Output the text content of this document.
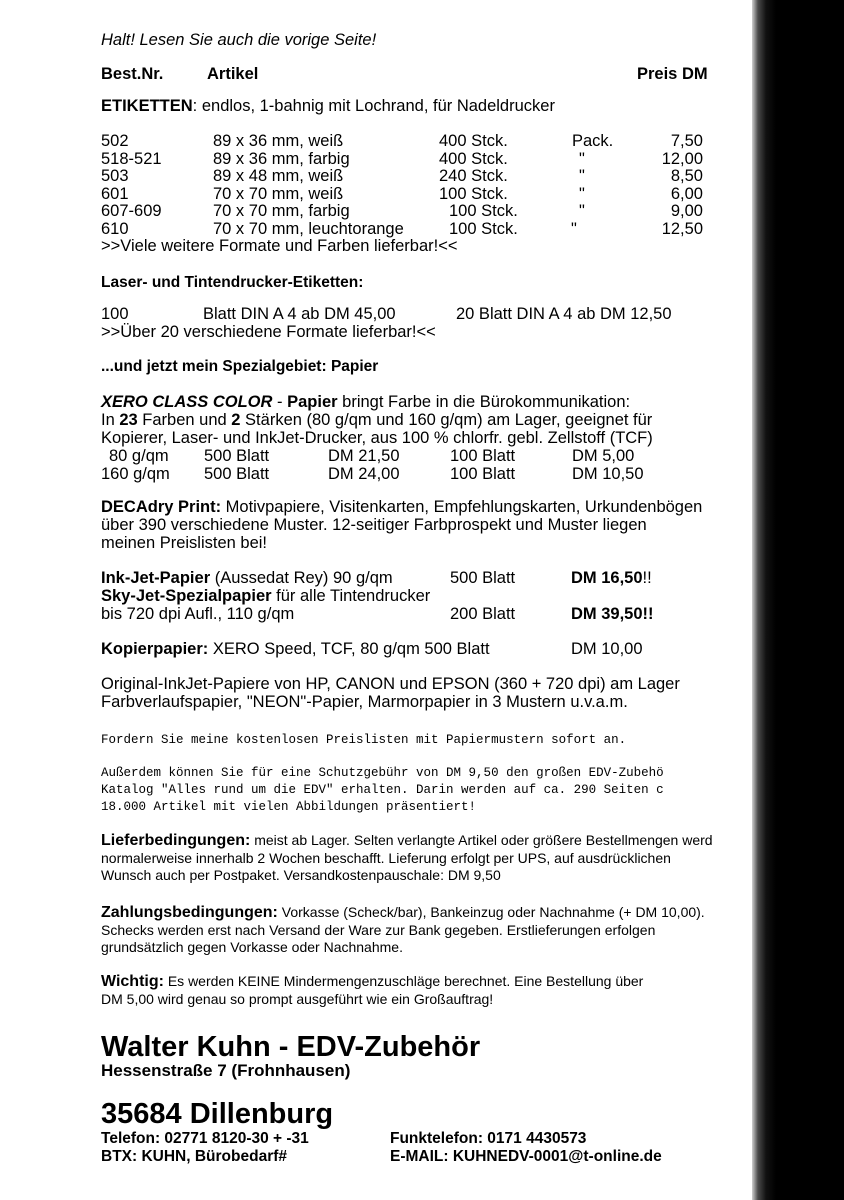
Halt! Lesen Sie auch die vorige Seite!
Best.Nr.	Artikel	Preis DM
ETIKETTEN: endlos, 1-bahnig mit Lochrand, für Nadeldrucker
502	89 x 36 mm, weiß	400 Stck.	Pack.	7,50
518-521	89 x 36 mm, farbig	400 Stck.	"	12,00
503	89 x 48 mm, weiß	240 Stck.	"	8,50
601	70 x 70 mm, weiß	100 Stck.	"	6,00
607-609	70 x 70 mm, farbig	100 Stck.	"	9,00
610	70 x 70 mm, leuchtorange	100 Stck.	"	12,50
>>Viele weitere Formate und Farben lieferbar!<<
Laser- und Tintendrucker-Etiketten:
100	Blatt DIN A 4 ab DM 45,00	20 Blatt DIN A 4 ab DM 12,50
>>Über 20 verschiedene Formate lieferbar!<<
...und jetzt mein Spezialgebiet: Papier
XERO CLASS COLOR - Papier bringt Farbe in die Bürokommunikation:
In 23 Farben und 2 Stärken (80 g/qm und 160 g/qm) am Lager, geeignet für
Kopierer, Laser- und InkJet-Drucker, aus 100 % chlorfr. gebl. Zellstoff (TCF)
80 g/qm 500 Blatt	DM 21,50	100 Blatt	DM 5,00
160 g/qm 500 Blatt	DM 24,00	100 Blatt	DM 10,50
DECAdry Print: Motivpapiere, Visitenkarten, Empfehlungskarten, Urkundenbögen
über 390 verschiedene Muster. 12-seitiger Farbprospekt und Muster liegen
meinen Preislisten bei!
Ink-Jet-Papier (Aussedat Rey) 90 g/qm	500 Blatt	DM 16,50!!
Sky-Jet-Spezialpapier für alle Tintendrucker
bis 720 dpi Aufl., 110 g/qm	200 Blatt	DM 39,50!!
Kopierpapier: XERO Speed, TCF, 80 g/qm 500 Blatt	DM 10,00
Original-InkJet-Papiere von HP, CANON und EPSON (360 + 720 dpi) am Lager
Farbverlaufspapier, "NEON"-Papier, Marmorpapier in 3 Mustern u.v.a.m.
Fordern Sie meine kostenlosen Preislisten mit Papiermustern sofort an.
Außerdem können Sie für eine Schutzgebühr von DM 9,50 den großen EDV-Zubehö
Katalog "Alles rund um die EDV" erhalten. Darin werden auf ca. 290 Seiten c
18.000 Artikel mit vielen Abbildungen präsentiert!
Lieferbedingungen: meist ab Lager. Selten verlangte Artikel oder größere Bestellmengen werd
normalerweise innerhalb 2 Wochen beschafft. Lieferung erfolgt per UPS, auf ausdrücklichen
Wunsch auch per Postpaket. Versandkostenpauschale: DM 9,50
Zahlungsbedingungen: Vorkasse (Scheck/bar), Bankeinzug oder Nachnahme (+ DM 10,00).
Schecks werden erst nach Versand der Ware zur Bank gegeben. Erstlieferungen erfolgen
grundsätzlich gegen Vorkasse oder Nachnahme.
Wichtig: Es werden KEINE Mindermengenzuschläge berechnet. Eine Bestellung über
DM 5,00 wird genau so prompt ausgeführt wie ein Großauftrag!
Walter Kuhn - EDV-Zubehör
Hessenstraße 7 (Frohnhausen)
35684 Dillenburg
Telefon: 02771 8120-30 + -31	Funktelefon: 0171 4430573
BTX: KUHN, Bürobedarf#	E-MAIL: KUHNEDV-0001@t-online.de
